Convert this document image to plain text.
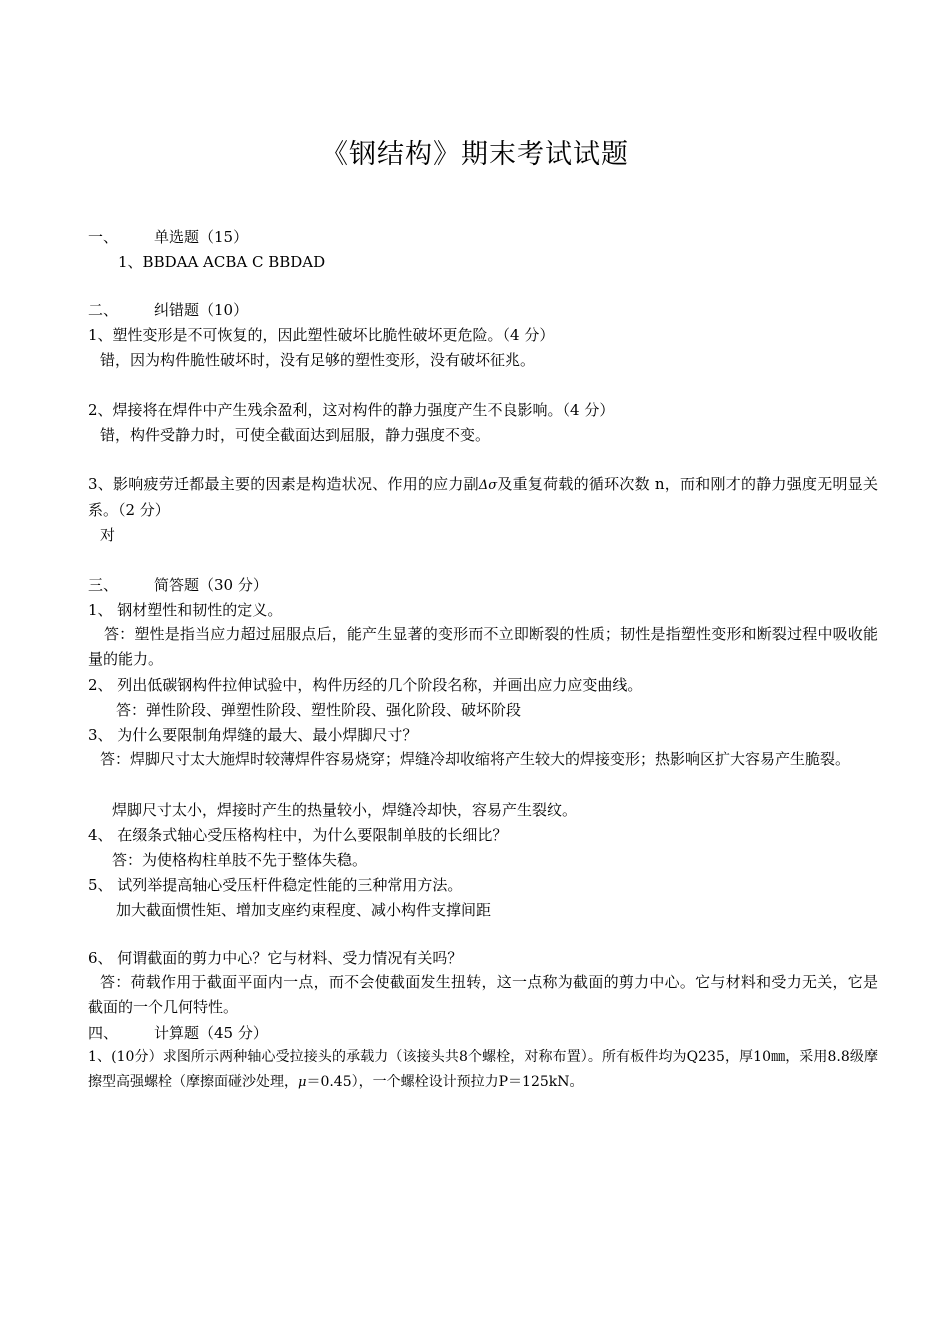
《钢结构》期末考试试题
一、 单选题（15）
1、BBDAA ACBA C BBDAD
二、 纠错题（10）
1、塑性变形是不可恢复的，因此塑性破坏比脆性破坏更危险。（4 分）
错，因为构件脆性破坏时，没有足够的塑性变形，没有破坏征兆。
2、焊接将在焊件中产生残余盈利，这对构件的静力强度产生不良影响。（4 分）
错，构件受静力时，可使全截面达到屈服，静力强度不变。
3、影响疲劳迁都最主要的因素是构造状况、作用的应力副Δσ及重复荷载的循环次数 n，而和刚才的静力强度无明显关系。（2 分）
对
三、 简答题（30 分）
1、 钢材塑性和韧性的定义。
答：塑性是指当应力超过屈服点后，能产生显著的变形而不立即断裂的性质；韧性是指塑性变形和断裂过程中吸收能量的能力。
2、 列出低碳钢构件拉伸试验中，构件历经的几个阶段名称，并画出应力应变曲线。
答：弹性阶段、弹塑性阶段、塑性阶段、强化阶段、破坏阶段
3、 为什么要限制角焊缝的最大、最小焊脚尺寸？
答：焊脚尺寸太大施焊时较薄焊件容易烧穿；焊缝冷却收缩将产生较大的焊接变形；热影响区扩大容易产生脆裂。
焊脚尺寸太小，焊接时产生的热量较小，焊缝冷却快，容易产生裂纹。
4、 在缀条式轴心受压格构柱中，为什么要限制单肢的长细比？
答：为使格构柱单肢不先于整体失稳。
5、 试列举提高轴心受压杆件稳定性能的三种常用方法。
加大截面惯性矩、增加支座约束程度、减小构件支撑间距
6、 何谓截面的剪力中心？它与材料、受力情况有关吗？
答：荷载作用于截面平面内一点，而不会使截面发生扭转，这一点称为截面的剪力中心。它与材料和受力无关，它是截面的一个几何特性。
四、 计算题（45 分）
1、(10分）求图所示两种轴心受拉接头的承载力（该接头共8个螺栓，对称布置）。所有板件均为Q235，厚10㎜，采用8.8级摩擦型高强螺栓（摩擦面碰沙处理，μ＝0.45），一个螺栓设计预拉力P＝125kN。
